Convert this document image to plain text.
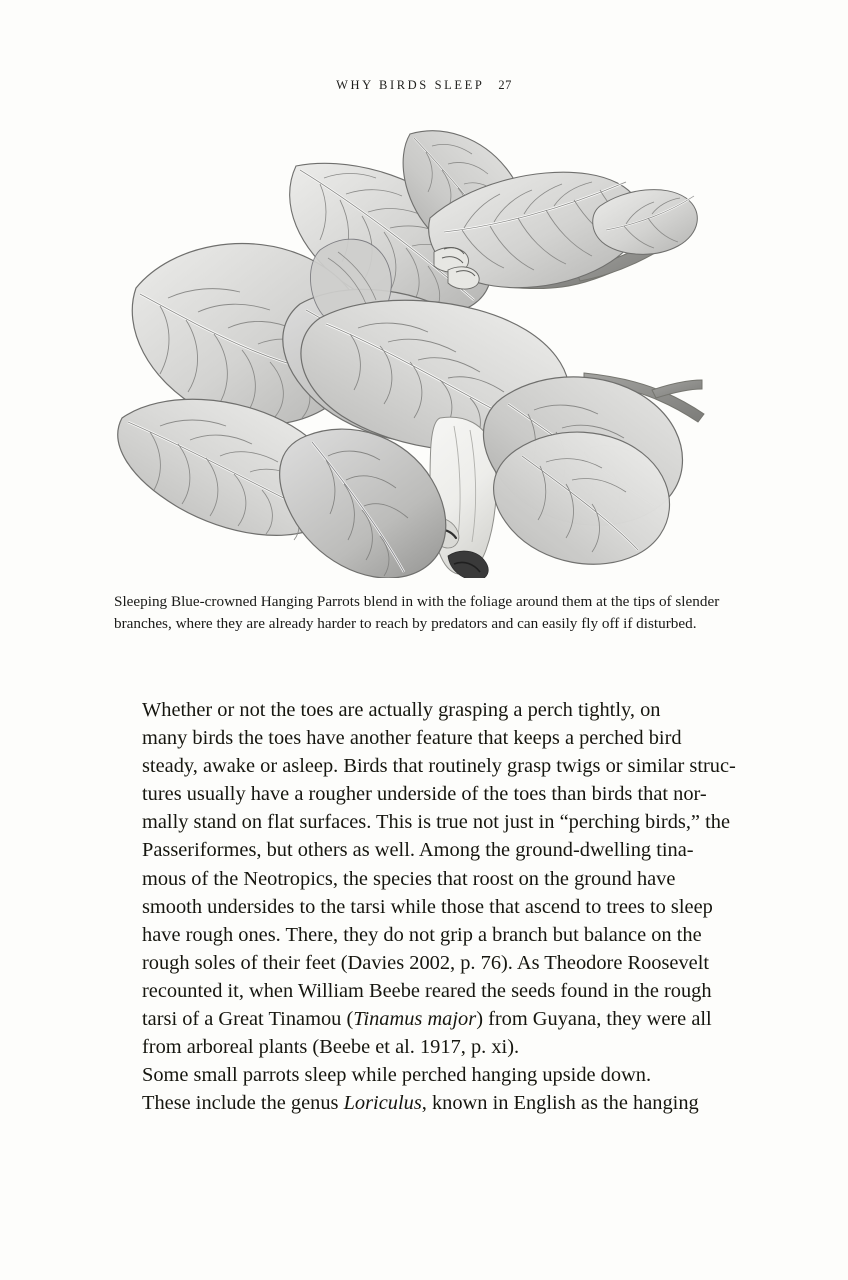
WHY BIRDS SLEEP 27
Sleeping Blue-crowned Hanging Parrots blend in with the foliage around them at the tips of slender branches, where they are already harder to reach by predators and can easily fly off if disturbed.

Whether or not the toes are actually grasping a perch tightly, on
many birds the toes have another feature that keeps a perched bird
steady, awake or asleep. Birds that routinely grasp twigs or similar struc-
tures usually have a rougher underside of the toes than birds that nor-
mally stand on flat surfaces. This is true not just in “perching birds,” the
Passeriformes, but others as well. Among the ground-dwelling tina-
mous of the Neotropics, the species that roost on the ground have
smooth undersides to the tarsi while those that ascend to trees to sleep
have rough ones. There, they do not grip a branch but balance on the
rough soles of their feet (Davies 2002, p. 76). As Theodore Roosevelt
recounted it, when William Beebe reared the seeds found in the rough
tarsi of a Great Tinamou (Tinamus major) from Guyana, they were all
from arboreal plants (Beebe et al. 1917, p. xi).

Some small parrots sleep while perched hanging upside down.
These include the genus Loriculus, known in English as the hanging
